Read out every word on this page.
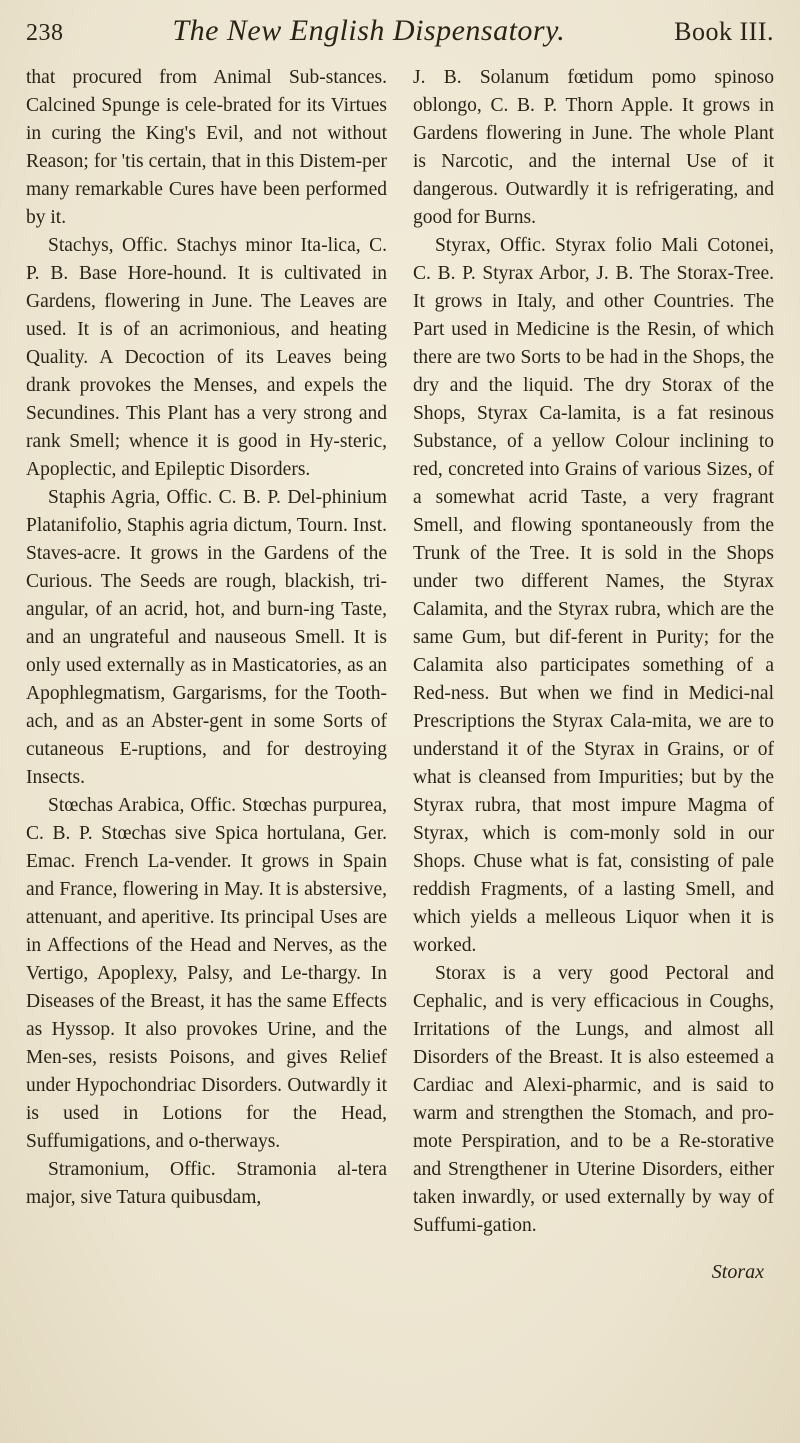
238	The New English Dispensatory.	Book III.

that procured from Animal Sub-stances. Calcined Spunge is cele-brated for its Virtues in curing the King's Evil, and not without Reason; for 'tis certain, that in this Distem-per many remarkable Cures have been performed by it.

Stachys, Offic. Stachys minor Ita-lica, C. P. B. Base Hore-hound. It is cultivated in Gardens, flowering in June. The Leaves are used. It is of an acrimonious, and heating Quality. A Decoction of its Leaves being drank provokes the Menses, and expels the Secundines. This Plant has a very strong and rank Smell; whence it is good in Hy-steric, Apoplectic, and Epileptic Disorders.

Staphis Agria, Offic. C. B. P. Del-phinium Platanifolio, Staphis agria dictum, Tourn. Inst. Staves-acre. It grows in the Gardens of the Curious. The Seeds are rough, blackish, tri-angular, of an acrid, hot, and burn-ing Taste, and an ungrateful and nauseous Smell. It is only used externally as in Masticatories, as an Apophlegmatism, Gargarisms, for the Tooth-ach, and as an Abster-gent in some Sorts of cutaneous E-ruptions, and for destroying Insects.

Stœchas Arabica, Offic. Stœchas purpurea, C. B. P. Stœchas sive Spica hortulana, Ger. Emac. French La-vender. It grows in Spain and France, flowering in May. It is abstersive, attenuant, and aperitive. Its principal Uses are in Affections of the Head and Nerves, as the Vertigo, Apoplexy, Palsy, and Le-thargy. In Diseases of the Breast, it has the same Effects as Hyssop. It also provokes Urine, and the Men-ses, resists Poisons, and gives Relief under Hypochondriac Disorders. Outwardly it is used in Lotions for the Head, Suffumigations, and o-therways.

Stramonium, Offic. Stramonia al-tera major, sive Tatura quibusdam,

J. B. Solanum fœtidum pomo spinoso oblongo, C. B. P. Thorn Apple. It grows in Gardens flowering in June. The whole Plant is Narcotic, and the internal Use of it dangerous. Outwardly it is refrigerating, and good for Burns.

Styrax, Offic. Styrax folio Mali Cotonei, C. B. P. Styrax Arbor, J. B. The Storax-Tree. It grows in Italy, and other Countries. The Part used in Medicine is the Resin, of which there are two Sorts to be had in the Shops, the dry and the liquid. The dry Storax of the Shops, Styrax Ca-lamita, is a fat resinous Substance, of a yellow Colour inclining to red, concreted into Grains of various Sizes, of a somewhat acrid Taste, a very fragrant Smell, and flowing spontaneously from the Trunk of the Tree. It is sold in the Shops under two different Names, the Styrax Calamita, and the Styrax rubra, which are the same Gum, but dif-ferent in Purity; for the Calamita also participates something of a Red-ness. But when we find in Medici-nal Prescriptions the Styrax Cala-mita, we are to understand it of the Styrax in Grains, or of what is cleansed from Impurities; but by the Styrax rubra, that most impure Magma of Styrax, which is com-monly sold in our Shops. Chuse what is fat, consisting of pale reddish Fragments, of a lasting Smell, and which yields a melleous Liquor when it is worked.

Storax is a very good Pectoral and Cephalic, and is very efficacious in Coughs, Irritations of the Lungs, and almost all Disorders of the Breast. It is also esteemed a Cardiac and Alexi-pharmic, and is said to warm and strengthen the Stomach, and pro-mote Perspiration, and to be a Re-storative and Strengthener in Uterine Disorders, either taken inwardly, or used externally by way of Suffumi-gation.

Storax
